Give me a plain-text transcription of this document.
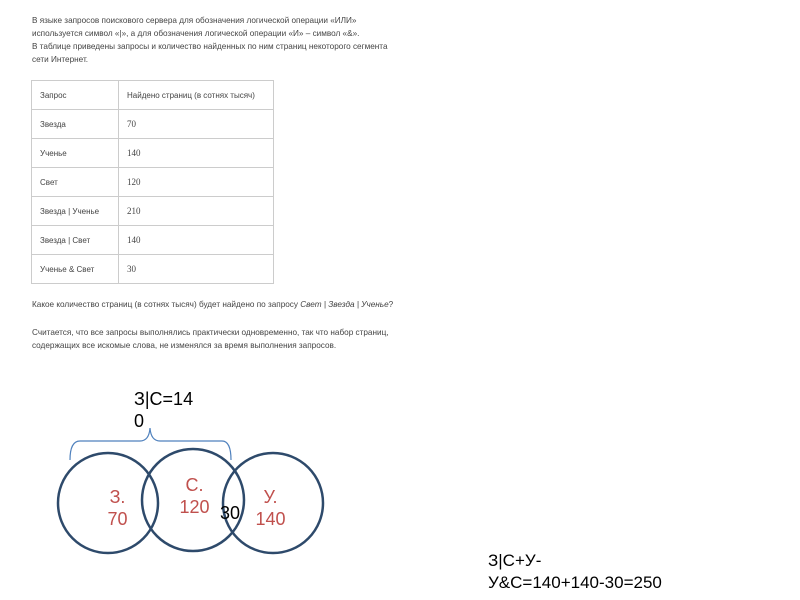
В языке запросов поискового сервера для обозначения логической операции «ИЛИ» используется символ «|», а для обозначения логической операции «И» – символ «&».

В таблице приведены запросы и количество найденных по ним страниц некоторого сегмента сети Интернет.

Запрос	Найдено страниц (в сотнях тысяч)
Звезда	70
Ученье	140
Свет	120
Звезда | Ученье	210
Звезда | Свет	140
Ученье & Свет	30

Какое количество страниц (в сотнях тысяч) будет найдено по запросу Свет | Звезда | Ученье?

Считается, что все запросы выполнялись практически одновременно, так что набор страниц, содержащих все искомые слова, не изменялся за время выполнения запросов.

З|С=14
0
З.
70
С.
120 30
У.
140
З|С+У-
У&С=140+140-30=250
